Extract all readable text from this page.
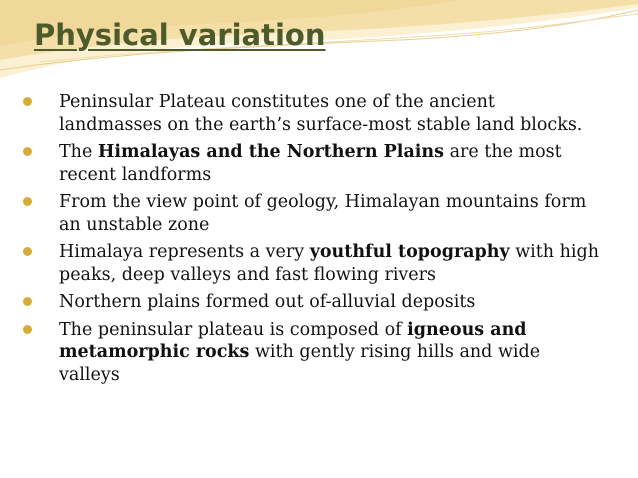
Physical variation
Peninsular Plateau constitutes one of the ancient landmasses on the earth’s surface-most stable land blocks.
The Himalayas and the Northern Plains are the most recent landforms
From the view point of geology, Himalayan mountains form an unstable zone
Himalaya represents a very youthful topography with high peaks, deep valleys and fast flowing rivers
Northern plains formed out of-alluvial deposits
The peninsular plateau is composed of igneous and metamorphic rocks with gently rising hills and wide valleys
